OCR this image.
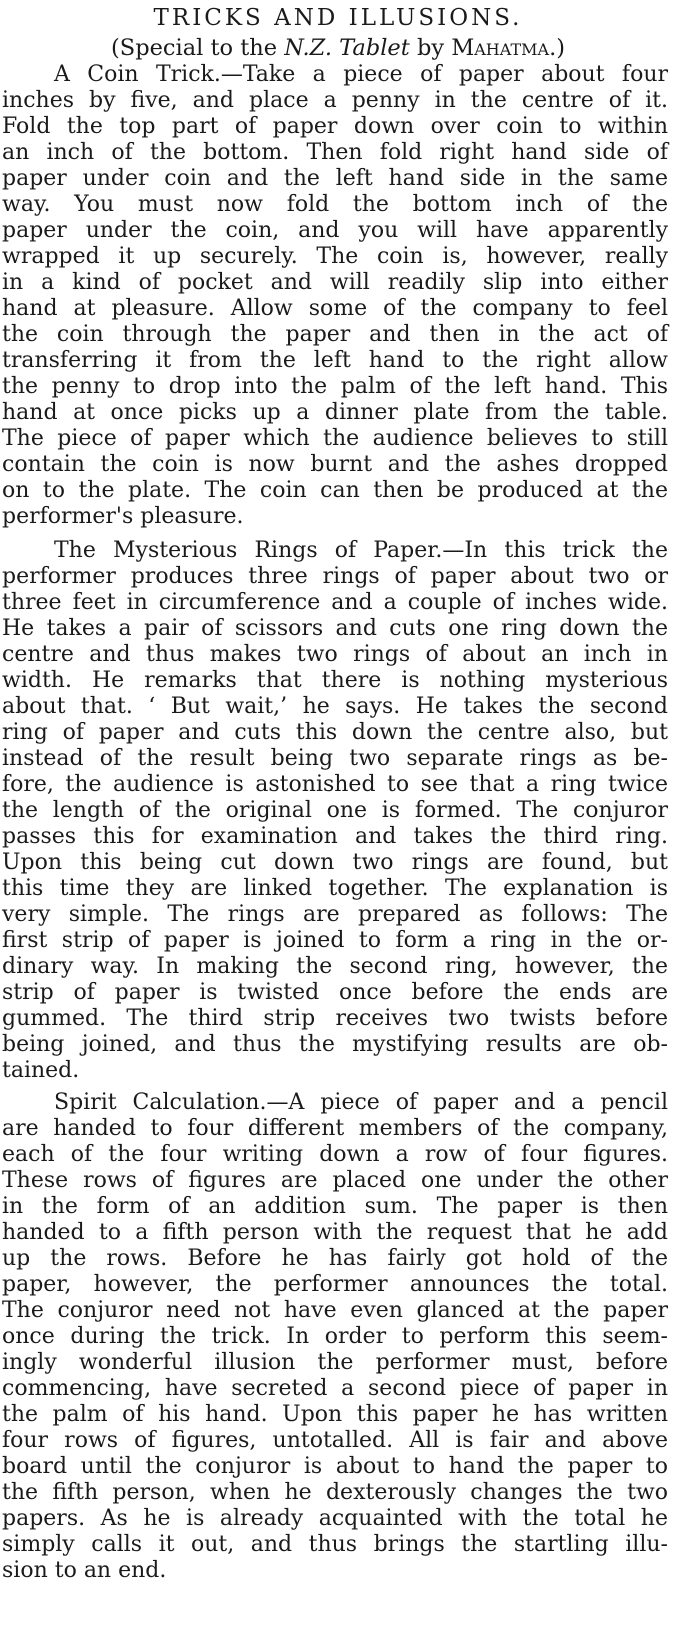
TRICKS AND ILLUSIONS.
(Special to the N.Z. Tablet by Mahatma.)
A Coin Trick.—Take a piece of paper about four
inches by five, and place a penny in the centre of it.
Fold the top part of paper down over coin to within
an inch of the bottom. Then fold right hand side of
paper under coin and the left hand side in the same
way. You must now fold the bottom inch of the
paper under the coin, and you will have apparently
wrapped it up securely. The coin is, however, really
in a kind of pocket and will readily slip into either
hand at pleasure. Allow some of the company to feel
the coin through the paper and then in the act of
transferring it from the left hand to the right allow
the penny to drop into the palm of the left hand. This
hand at once picks up a dinner plate from the table.
The piece of paper which the audience believes to still
contain the coin is now burnt and the ashes dropped
on to the plate. The coin can then be produced at the
performer's pleasure.
The Mysterious Rings of Paper.—In this trick the
performer produces three rings of paper about two or
three feet in circumference and a couple of inches wide.
He takes a pair of scissors and cuts one ring down the
centre and thus makes two rings of about an inch in
width. He remarks that there is nothing mysterious
about that. ‘ But wait,’ he says. He takes the second
ring of paper and cuts this down the centre also, but
instead of the result being two separate rings as be-
fore, the audience is astonished to see that a ring twice
the length of the original one is formed. The conjuror
passes this for examination and takes the third ring.
Upon this being cut down two rings are found, but
this time they are linked together. The explanation is
very simple. The rings are prepared as follows: The
first strip of paper is joined to form a ring in the or-
dinary way. In making the second ring, however, the
strip of paper is twisted once before the ends are
gummed. The third strip receives two twists before
being joined, and thus the mystifying results are ob-
tained.
Spirit Calculation.—A piece of paper and a pencil
are handed to four different members of the company,
each of the four writing down a row of four figures.
These rows of figures are placed one under the other
in the form of an addition sum. The paper is then
handed to a fifth person with the request that he add
up the rows. Before he has fairly got hold of the
paper, however, the performer announces the total.
The conjuror need not have even glanced at the paper
once during the trick. In order to perform this seem-
ingly wonderful illusion the performer must, before
commencing, have secreted a second piece of paper in
the palm of his hand. Upon this paper he has written
four rows of figures, untotalled. All is fair and above
board until the conjuror is about to hand the paper to
the fifth person, when he dexterously changes the two
papers. As he is already acquainted with the total he
simply calls it out, and thus brings the startling illu-
sion to an end.
